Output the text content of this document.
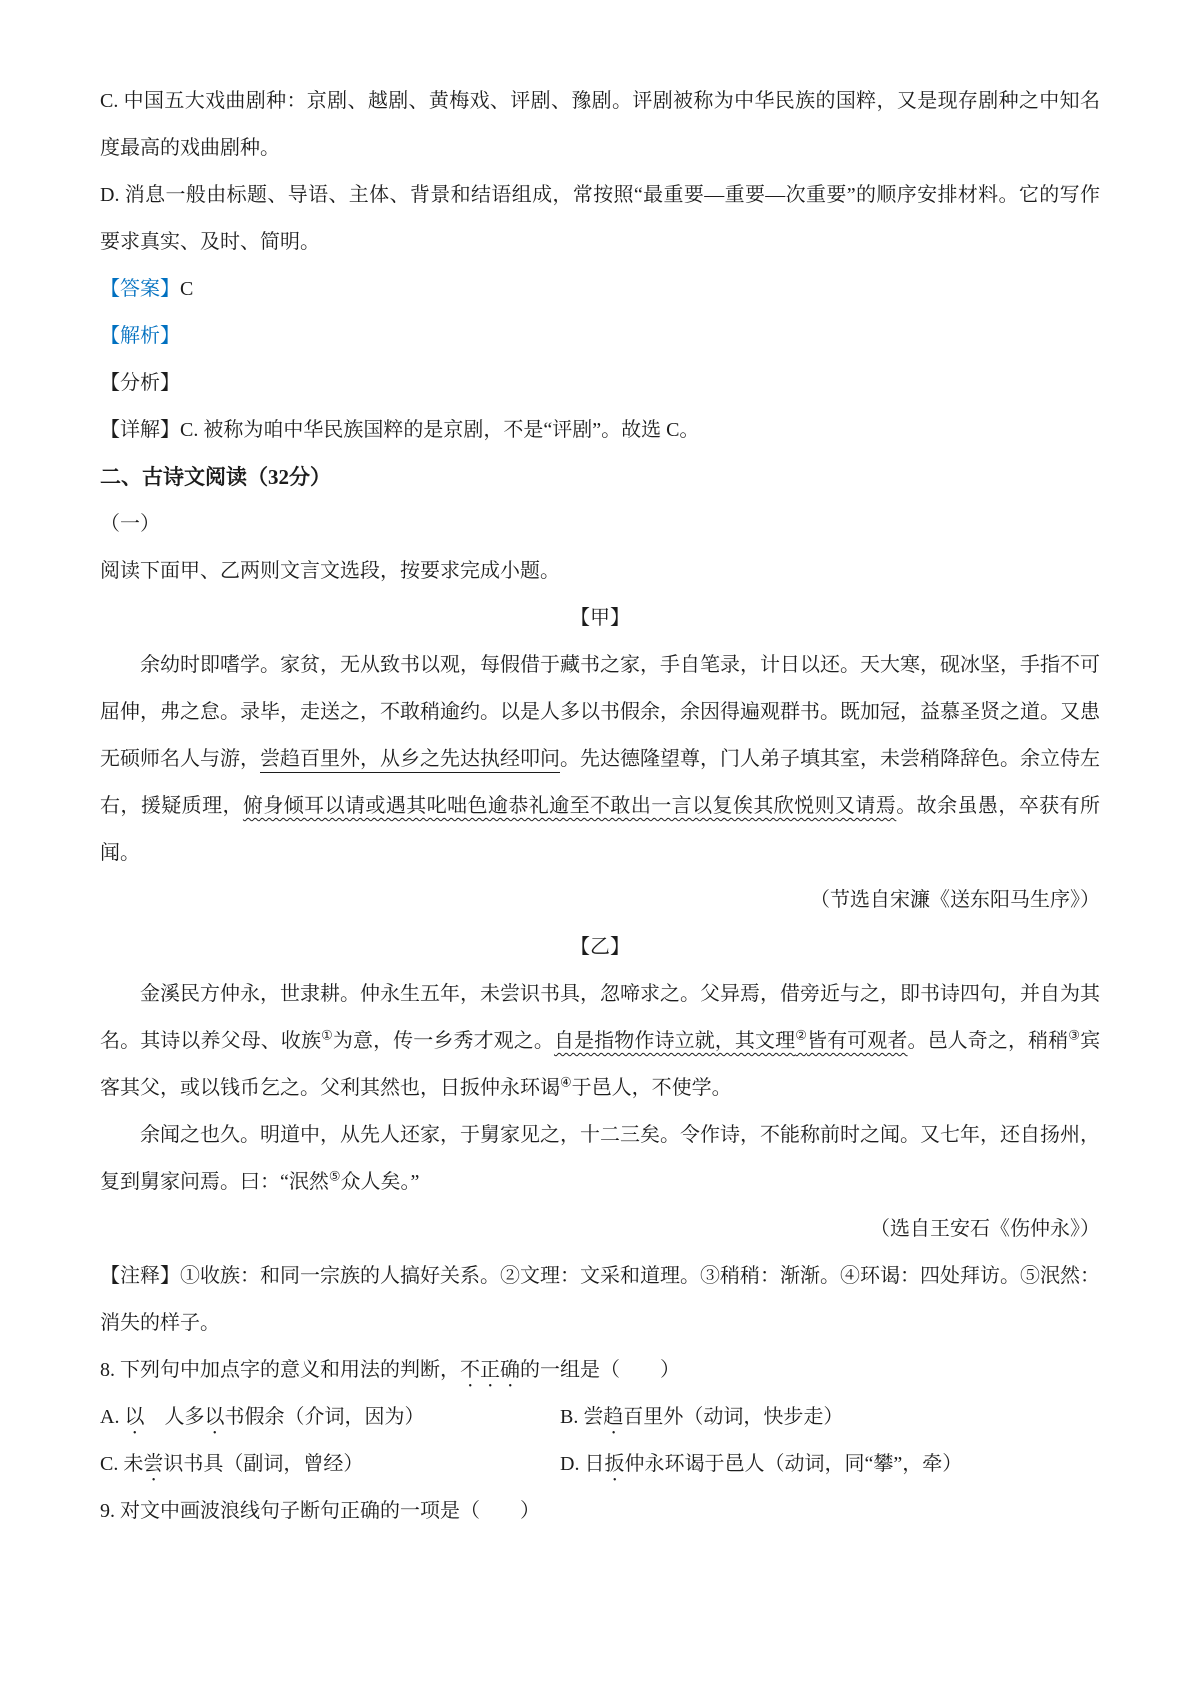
C. 中国五大戏曲剧种：京剧、越剧、黄梅戏、评剧、豫剧。评剧被称为中华民族的国粹，又是现存剧种之中知名度最高的戏曲剧种。

D. 消息一般由标题、导语、主体、背景和结语组成，常按照“最重要—重要—次重要”的顺序安排材料。它的写作要求真实、及时、简明。

【答案】C

【解析】

【分析】

【详解】C. 被称为咱中华民族国粹的是京剧，不是“评剧”。故选 C。

二、古诗文阅读（32分）

（一）

阅读下面甲、乙两则文言文选段，按要求完成小题。

【甲】

余幼时即嗜学。家贫，无从致书以观，每假借于藏书之家，手自笔录，计日以还。天大寒，砚冰坚，手指不可屈伸，弗之怠。录毕，走送之，不敢稍逾约。以是人多以书假余，余因得遍观群书。既加冠，益慕圣贤之道。又患无硕师名人与游，尝趋百里外，从乡之先达执经叩问。先达德隆望尊，门人弟子填其室，未尝稍降辞色。余立侍左右，援疑质理，俯身倾耳以请或遇其叱咄色逾恭礼逾至不敢出一言以复俟其欣悦则又请焉。故余虽愚，卒获有所闻。

（节选自宋濂《送东阳马生序》）

【乙】

金溪民方仲永，世隶耕。仲永生五年，未尝识书具，忽啼求之。父异焉，借旁近与之，即书诗四句，并自为其名。其诗以养父母、收族①为意，传一乡秀才观之。自是指物作诗立就，其文理②皆有可观者。邑人奇之，稍稍③宾客其父，或以钱币乞之。父利其然也，日扳仲永环谒④于邑人，不使学。

余闻之也久。明道中，从先人还家，于舅家见之，十二三矣。令作诗，不能称前时之闻。又七年，还自扬州，复到舅家问焉。曰：“泯然⑤众人矣。”

（选自王安石《伤仲永》）

【注释】①收族：和同一宗族的人搞好关系。②文理：文采和道理。③稍稍：渐渐。④环谒：四处拜访。⑤泯然：消失的样子。

8. 下列句中加点字的意义和用法的判断，不正确的一组是（　　）

A. 以　人多以书假余（介词，因为）	B. 尝趋百里外（动词，快步走）

C. 未尝识书具（副词，曾经）	D. 日扳仲永环谒于邑人（动词，同“攀”，牵）

9. 对文中画波浪线句子断句正确的一项是（　　）
